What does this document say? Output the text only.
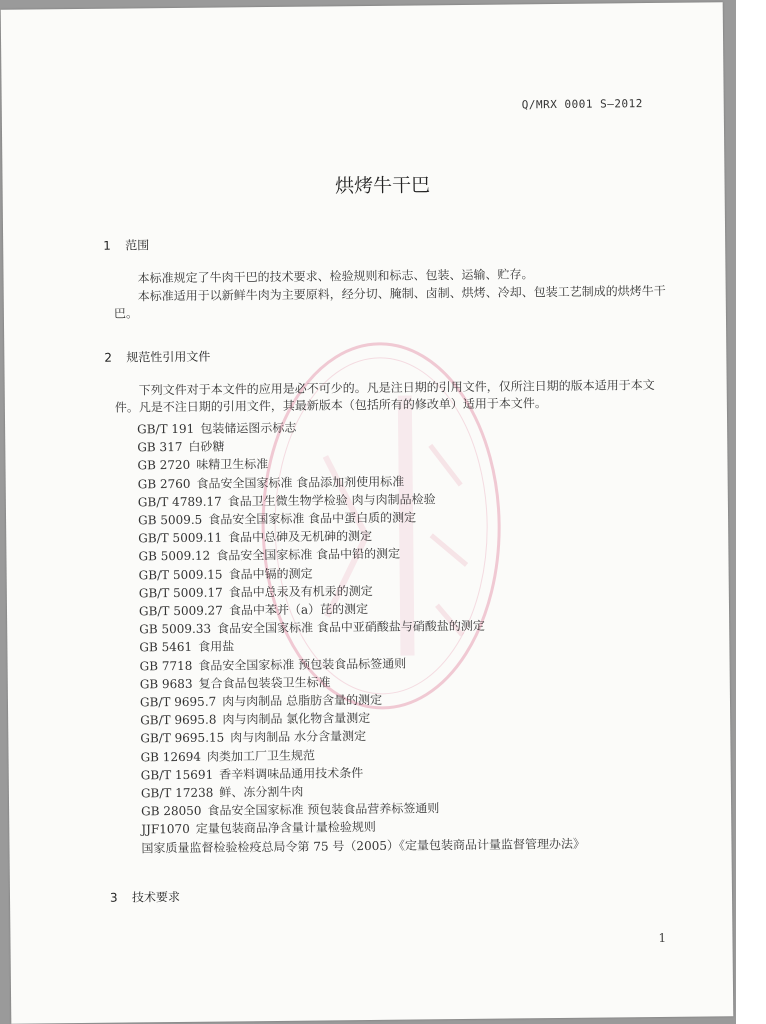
Q/MRX 0001 S—2012
烘烤牛干巴
1 范围
本标准规定了牛肉干巴的技术要求、检验规则和标志、包装、运输、贮存。
本标准适用于以新鲜牛肉为主要原料，经分切、腌制、卤制、烘烤、冷却、包装工艺制成的烘烤牛干巴。
2 规范性引用文件
下列文件对于本文件的应用是必不可少的。凡是注日期的引用文件，仅所注日期的版本适用于本文件。凡是不注日期的引用文件，其最新版本（包括所有的修改单）适用于本文件。
GB/T 191 包装储运图示标志
GB 317 白砂糖
GB 2720 味精卫生标准
GB 2760 食品安全国家标准 食品添加剂使用标准
GB/T 4789.17 食品卫生微生物学检验 肉与肉制品检验
GB 5009.5 食品安全国家标准 食品中蛋白质的测定
GB/T 5009.11 食品中总砷及无机砷的测定
GB 5009.12 食品安全国家标准 食品中铅的测定
GB/T 5009.15 食品中镉的测定
GB/T 5009.17 食品中总汞及有机汞的测定
GB/T 5009.27 食品中苯并（a）芘的测定
GB 5009.33 食品安全国家标准 食品中亚硝酸盐与硝酸盐的测定
GB 5461 食用盐
GB 7718 食品安全国家标准 预包装食品标签通则
GB 9683 复合食品包装袋卫生标准
GB/T 9695.7 肉与肉制品 总脂肪含量的测定
GB/T 9695.8 肉与肉制品 氯化物含量测定
GB/T 9695.15 肉与肉制品 水分含量测定
GB 12694 肉类加工厂卫生规范
GB/T 15691 香辛料调味品通用技术条件
GB/T 17238 鲜、冻分割牛肉
GB 28050 食品安全国家标准 预包装食品营养标签通则
JJF1070 定量包装商品净含量计量检验规则
国家质量监督检验检疫总局令第 75 号（2005）《定量包装商品计量监督管理办法》
3 技术要求
1
